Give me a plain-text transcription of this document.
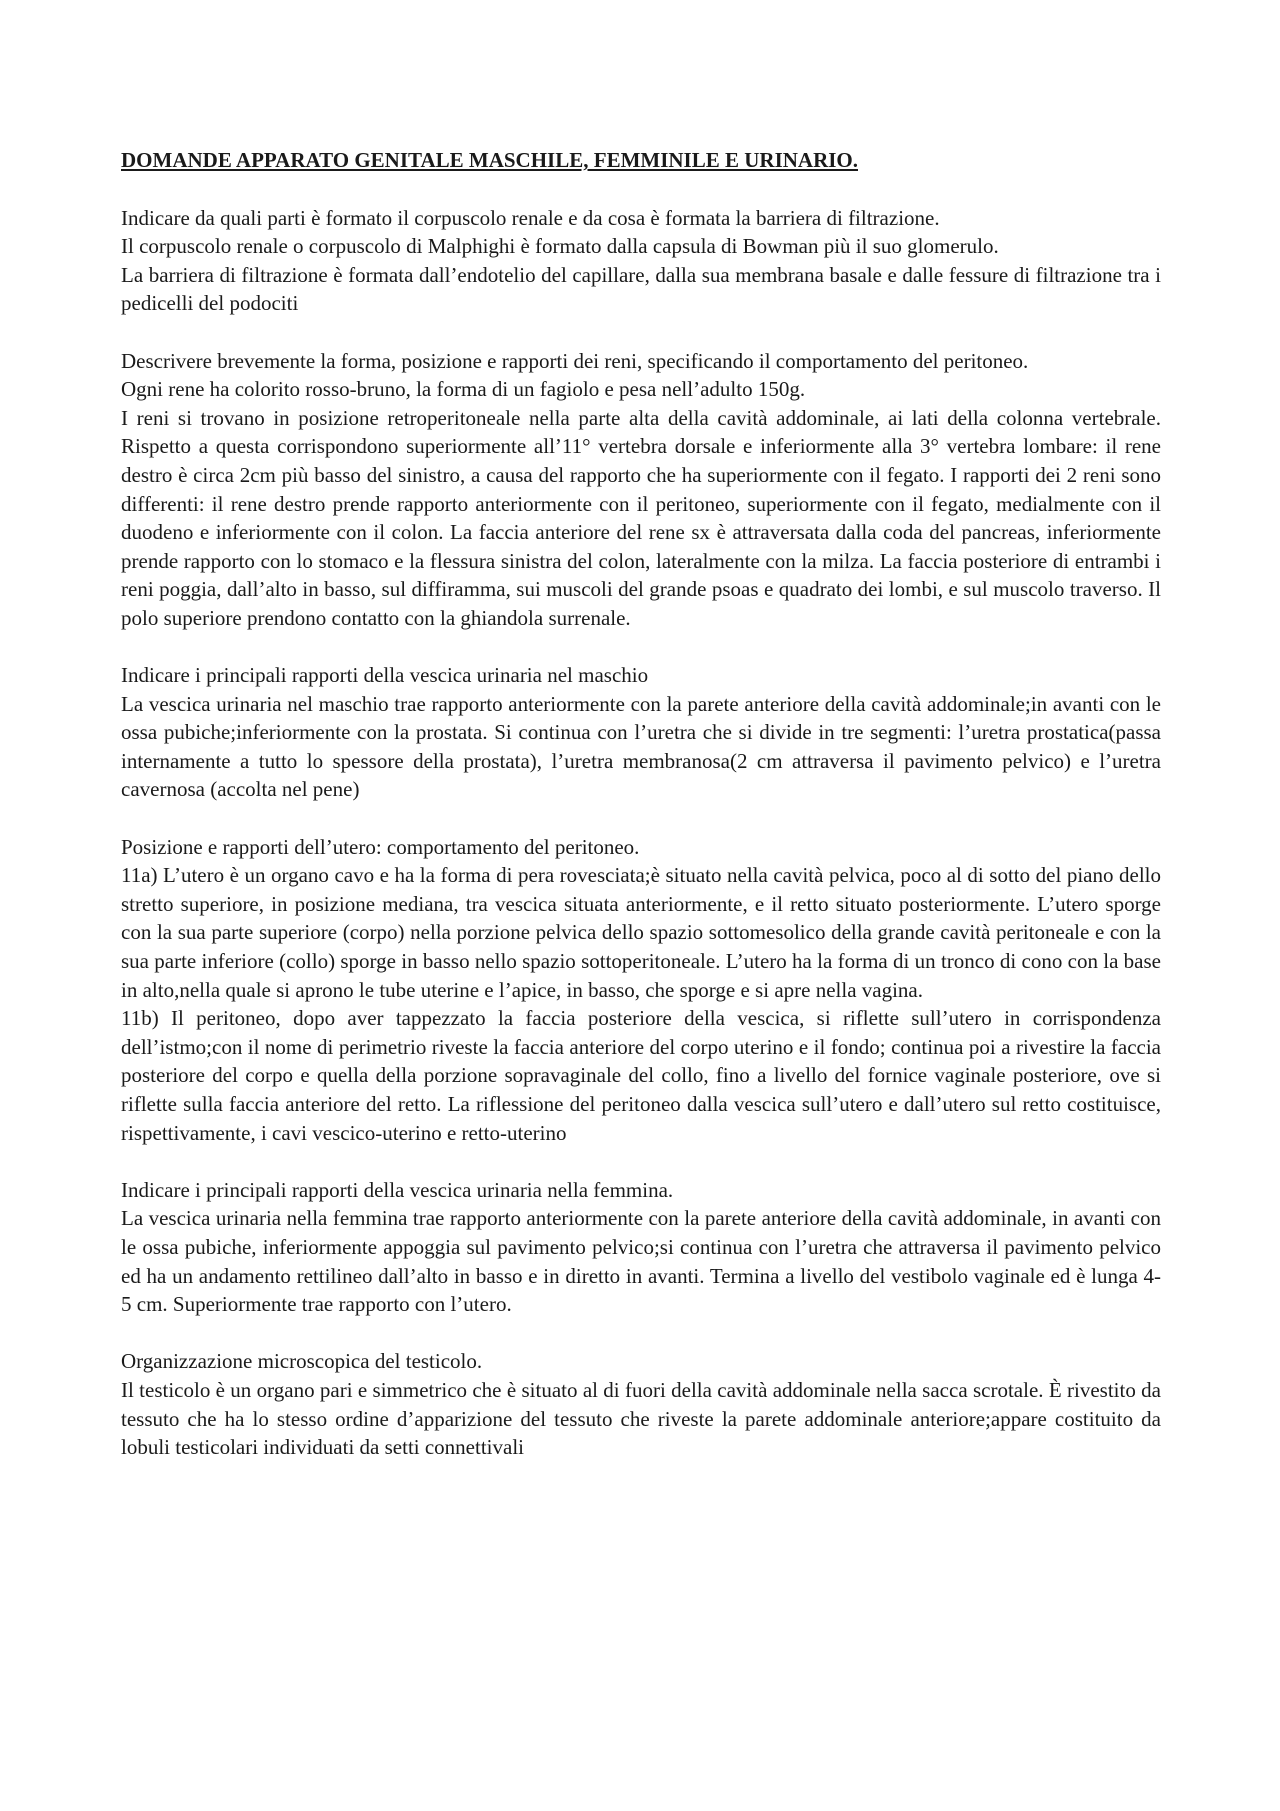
DOMANDE APPARATO GENITALE MASCHILE, FEMMINILE E URINARIO.

Indicare da quali parti è formato il corpuscolo renale e da cosa è formata la barriera di filtrazione.

Il corpuscolo renale o corpuscolo di Malphighi è formato dalla capsula di Bowman più il suo glomerulo.

La barriera di filtrazione è formata dall’endotelio del capillare, dalla sua membrana basale e dalle fessure di filtrazione tra i pedicelli del podociti

Descrivere brevemente la forma, posizione e rapporti dei reni, specificando il comportamento del peritoneo.

Ogni rene ha colorito rosso-bruno, la forma di un fagiolo e pesa nell’adulto 150g.

I reni si trovano in posizione retroperitoneale nella parte alta della cavità addominale, ai lati della colonna vertebrale. Rispetto a questa corrispondono superiormente all’11° vertebra dorsale e inferiormente alla 3° vertebra lombare: il rene destro è circa 2cm più basso del sinistro, a causa del rapporto che ha superiormente con il fegato. I rapporti dei 2 reni sono differenti: il rene destro prende rapporto anteriormente con il peritoneo, superiormente con il fegato, medialmente con il duodeno e inferiormente con il colon. La faccia anteriore del rene sx è attraversata dalla coda del pancreas, inferiormente prende rapporto con lo stomaco e la flessura sinistra del colon, lateralmente con la milza. La faccia posteriore di entrambi i reni poggia, dall’alto in basso, sul diffiramma, sui muscoli del grande psoas e quadrato dei lombi, e sul muscolo traverso. Il polo superiore prendono contatto con la ghiandola surrenale.

Indicare i principali rapporti della vescica urinaria nel maschio

La vescica urinaria nel maschio trae rapporto anteriormente con la parete anteriore della cavità addominale;in avanti con le ossa pubiche;inferiormente con la prostata. Si continua con l’uretra che si divide in tre segmenti: l’uretra prostatica(passa internamente a tutto lo spessore della prostata), l’uretra membranosa(2 cm attraversa il pavimento pelvico) e l’uretra cavernosa (accolta nel pene)

Posizione e rapporti dell’utero: comportamento del peritoneo.

11a) L’utero è un organo cavo e ha la forma di pera rovesciata;è situato nella cavità pelvica, poco al di sotto del piano dello stretto superiore, in posizione mediana, tra vescica situata anteriormente, e il retto situato posteriormente. L’utero sporge con la sua parte superiore (corpo) nella porzione pelvica dello spazio sottomesolico della grande cavità peritoneale e con la sua parte inferiore (collo) sporge in basso nello spazio sottoperitoneale. L’utero ha la forma di un tronco di cono con la base in alto,nella quale si aprono le tube uterine e l’apice, in basso, che sporge e si apre nella vagina.

11b) Il peritoneo, dopo aver tappezzato la faccia posteriore della vescica, si riflette sull’utero in corrispondenza dell’istmo;con il nome di perimetrio riveste la faccia anteriore del corpo uterino e il fondo; continua poi a rivestire la faccia posteriore del corpo e quella della porzione sopravaginale del collo, fino a livello del fornice vaginale posteriore, ove si riflette sulla faccia anteriore del retto. La riflessione del peritoneo dalla vescica sull’utero e dall’utero sul retto costituisce, rispettivamente, i cavi vescico-uterino e retto-uterino

Indicare i principali rapporti della vescica urinaria nella femmina.

La vescica urinaria nella femmina trae rapporto anteriormente con la parete anteriore della cavità addominale, in avanti con le ossa pubiche, inferiormente appoggia sul pavimento pelvico;si continua con l’uretra che attraversa il pavimento pelvico ed ha un andamento rettilineo dall’alto in basso e in diretto in avanti. Termina a livello del vestibolo vaginale ed è lunga 4-5 cm. Superiormente trae rapporto con l’utero.

Organizzazione microscopica del testicolo.

Il testicolo è un organo pari e simmetrico che è situato al di fuori della cavità addominale nella sacca scrotale. È rivestito da tessuto che ha lo stesso ordine d’apparizione del tessuto che riveste la parete addominale anteriore;appare costituito da lobuli testicolari individuati da setti connettivali
